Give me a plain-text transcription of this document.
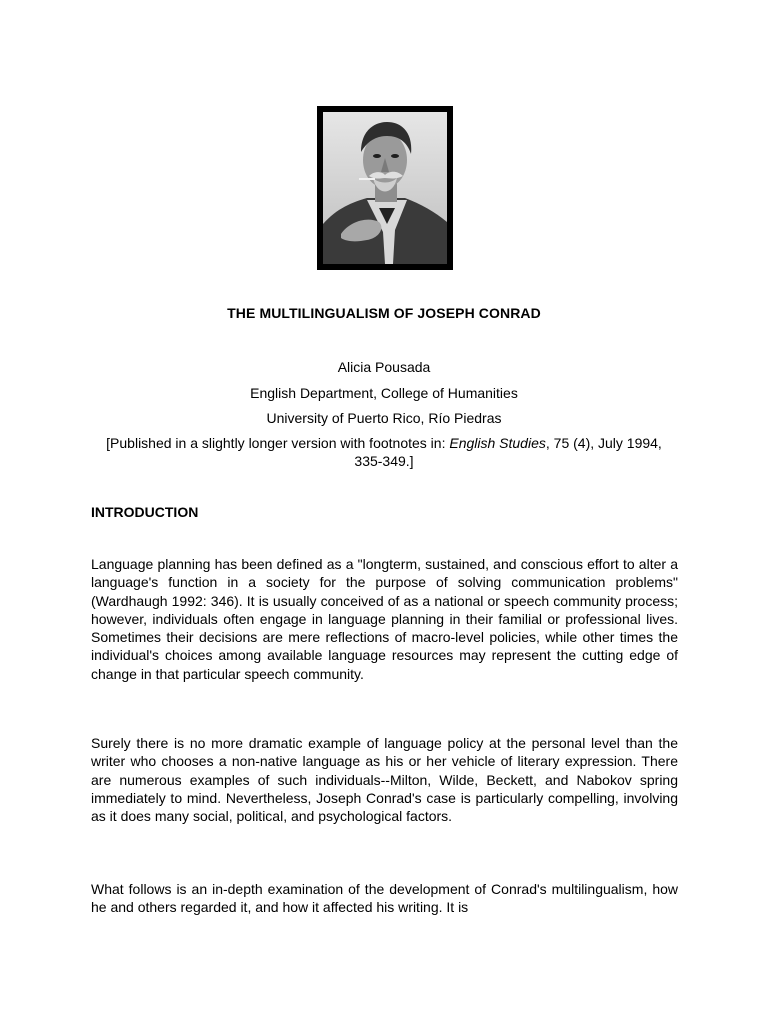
THE MULTILINGUALISM OF JOSEPH CONRAD
Alicia Pousada
English Department, College of Humanities
University of Puerto Rico, Río Piedras
[Published in a slightly longer version with footnotes in: English Studies, 75 (4), July 1994, 335-349.]
INTRODUCTION

Language planning has been defined as a "longterm, sustained, and conscious effort to alter a language's function in a society for the purpose of solving communication problems" (Wardhaugh 1992: 346). It is usually conceived of as a national or speech community process; however, individuals often engage in language planning in their familial or professional lives. Sometimes their decisions are mere reflections of macro-level policies, while other times the individual's choices among available language resources may represent the cutting edge of change in that particular speech community.

Surely there is no more dramatic example of language policy at the personal level than the writer who chooses a non-native language as his or her vehicle of literary expression. There are numerous examples of such individuals--Milton, Wilde, Beckett, and Nabokov spring immediately to mind. Nevertheless, Joseph Conrad's case is particularly compelling, involving as it does many social, political, and psychological factors.

What follows is an in-depth examination of the development of Conrad's multilingualism, how he and others regarded it, and how it affected his writing. It is
